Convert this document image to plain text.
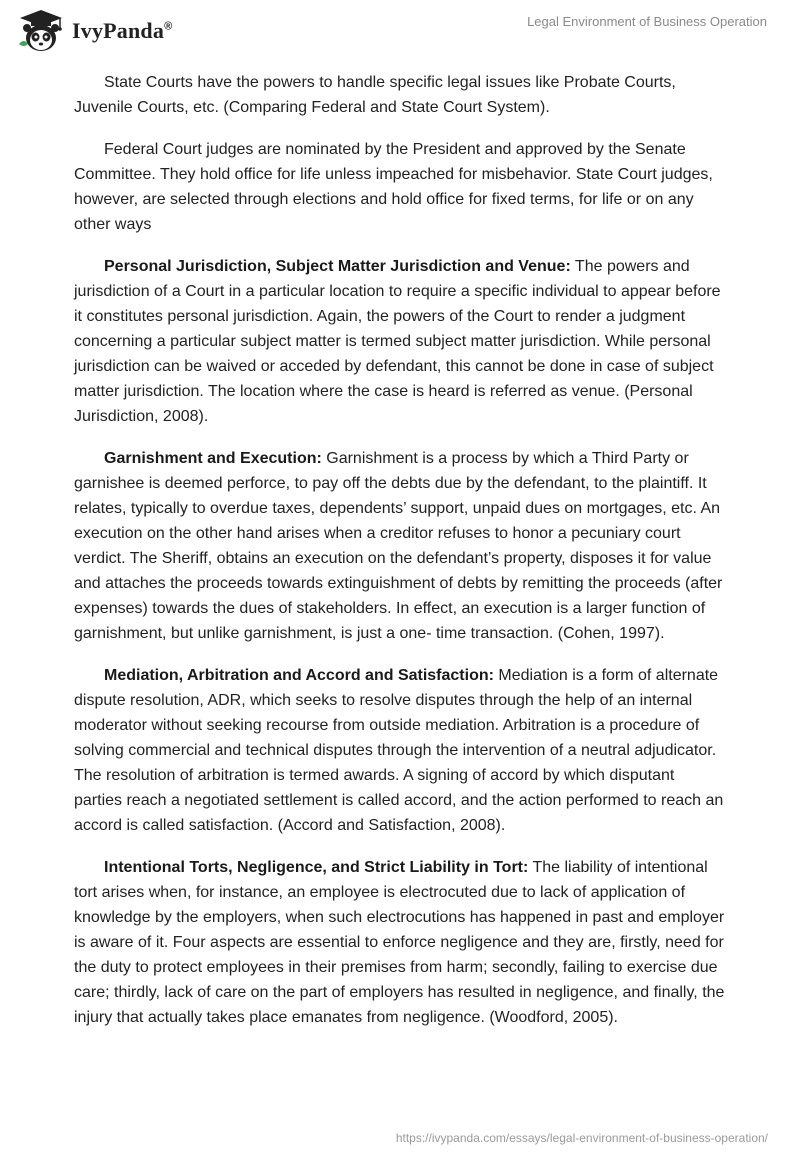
IvyPanda®	Legal Environment of Business Operation

State Courts have the powers to handle specific legal issues like Probate Courts, Juvenile Courts, etc. (Comparing Federal and State Court System).

Federal Court judges are nominated by the President and approved by the Senate Committee. They hold office for life unless impeached for misbehavior. State Court judges, however, are selected through elections and hold office for fixed terms, for life or on any other ways

Personal Jurisdiction, Subject Matter Jurisdiction and Venue: The powers and jurisdiction of a Court in a particular location to require a specific individual to appear before it constitutes personal jurisdiction. Again, the powers of the Court to render a judgment concerning a particular subject matter is termed subject matter jurisdiction. While personal jurisdiction can be waived or acceded by defendant, this cannot be done in case of subject matter jurisdiction. The location where the case is heard is referred as venue. (Personal Jurisdiction, 2008).

Garnishment and Execution: Garnishment is a process by which a Third Party or garnishee is deemed perforce, to pay off the debts due by the defendant, to the plaintiff. It relates, typically to overdue taxes, dependents’ support, unpaid dues on mortgages, etc. An execution on the other hand arises when a creditor refuses to honor a pecuniary court verdict. The Sheriff, obtains an execution on the defendant’s property, disposes it for value and attaches the proceeds towards extinguishment of debts by remitting the proceeds (after expenses) towards the dues of stakeholders. In effect, an execution is a larger function of garnishment, but unlike garnishment, is just a one- time transaction. (Cohen, 1997).

Mediation, Arbitration and Accord and Satisfaction: Mediation is a form of alternate dispute resolution, ADR, which seeks to resolve disputes through the help of an internal moderator without seeking recourse from outside mediation. Arbitration is a procedure of solving commercial and technical disputes through the intervention of a neutral adjudicator. The resolution of arbitration is termed awards. A signing of accord by which disputant parties reach a negotiated settlement is called accord, and the action performed to reach an accord is called satisfaction. (Accord and Satisfaction, 2008).

Intentional Torts, Negligence, and Strict Liability in Tort: The liability of intentional tort arises when, for instance, an employee is electrocuted due to lack of application of knowledge by the employers, when such electrocutions has happened in past and employer is aware of it. Four aspects are essential to enforce negligence and they are, firstly, need for the duty to protect employees in their premises from harm; secondly, failing to exercise due care; thirdly, lack of care on the part of employers has resulted in negligence, and finally, the injury that actually takes place emanates from negligence. (Woodford, 2005).

https://ivypanda.com/essays/legal-environment-of-business-operation/
